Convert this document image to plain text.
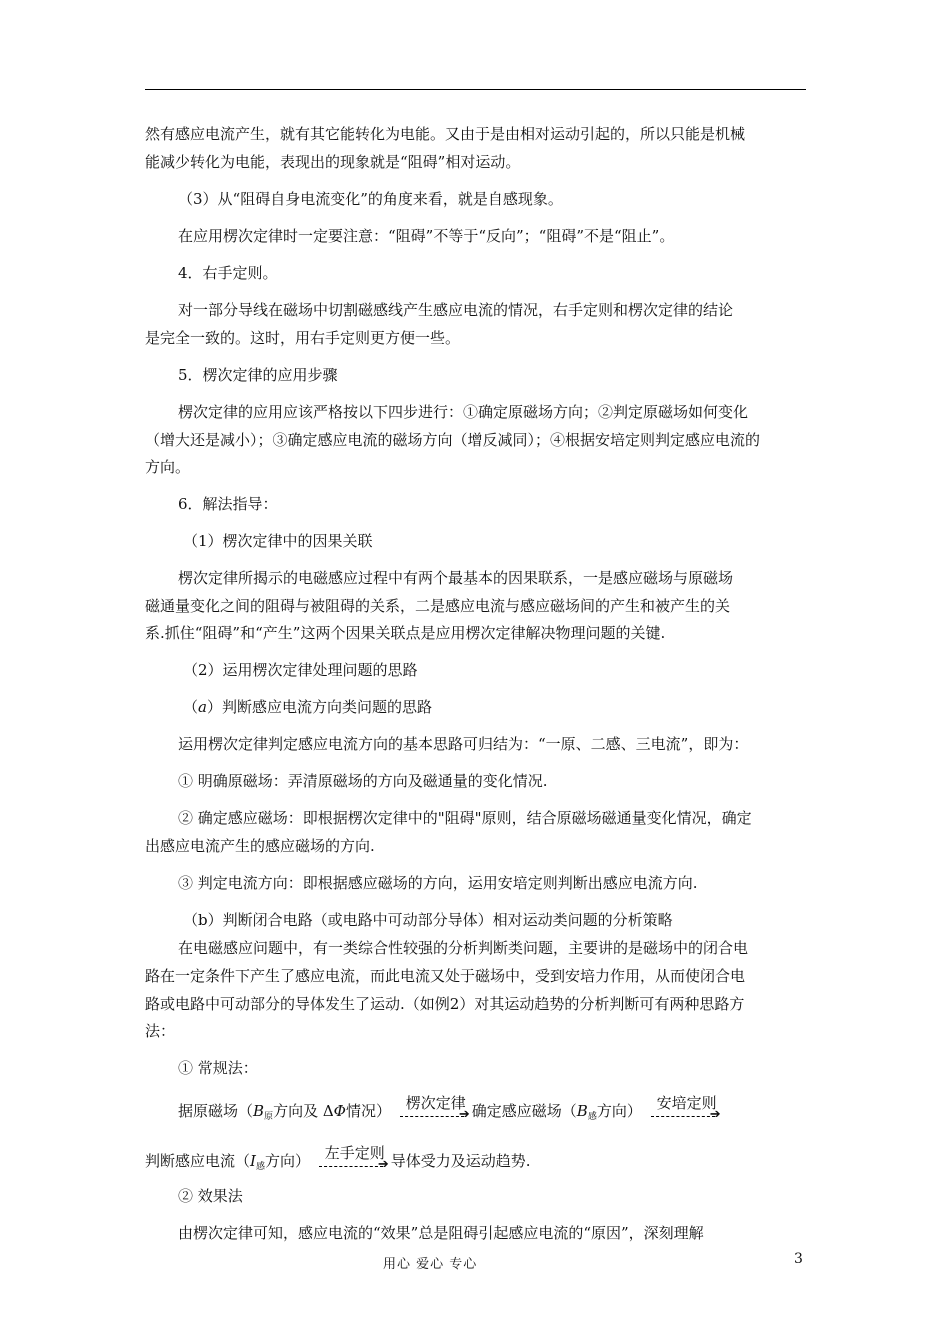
然有感应电流产生，就有其它能转化为电能。又由于是由相对运动引起的，所以只能是机械
能减少转化为电能，表现出的现象就是“阻碍”相对运动。
（3）从“阻碍自身电流变化”的角度来看，就是自感现象。
在应用楞次定律时一定要注意：“阻碍”不等于“反向”；“阻碍”不是“阻止”。
4．右手定则。
对一部分导线在磁场中切割磁感线产生感应电流的情况，右手定则和楞次定律的结论
是完全一致的。这时，用右手定则更方便一些。
5．楞次定律的应用步骤
楞次定律的应用应该严格按以下四步进行：①确定原磁场方向；②判定原磁场如何变化
（增大还是减小）；③确定感应电流的磁场方向（增反减同）；④根据安培定则判定感应电流的
方向。
6．解法指导：
（1）楞次定律中的因果关联
楞次定律所揭示的电磁感应过程中有两个最基本的因果联系，一是感应磁场与原磁场
磁通量变化之间的阻碍与被阻碍的关系，二是感应电流与感应磁场间的产生和被产生的关
系.抓住“阻碍”和“产生”这两个因果关联点是应用楞次定律解决物理问题的关键.
（2）运用楞次定律处理问题的思路
（a）判断感应电流方向类问题的思路
运用楞次定律判定感应电流方向的基本思路可归结为：“一原、二感、三电流”，即为：
① 明确原磁场：弄清原磁场的方向及磁通量的变化情况.
② 确定感应磁场：即根据楞次定律中的"阻碍"原则，结合原磁场磁通量变化情况，确定
出感应电流产生的感应磁场的方向.
③ 判定电流方向：即根据感应磁场的方向，运用安培定则判断出感应电流方向.
（b）判断闭合电路（或电路中可动部分导体）相对运动类问题的分析策略
在电磁感应问题中，有一类综合性较强的分析判断类问题，主要讲的是磁场中的闭合电
路在一定条件下产生了感应电流，而此电流又处于磁场中，受到安培力作用，从而使闭合电
路或电路中可动部分的导体发生了运动.（如例2）对其运动趋势的分析判断可有两种思路方
法：
① 常规法：
据原磁场（$B_原$方向及 ΔΦ情况） 楞次定律
➔ 确定感应磁场（$B_感$方向） 安培定则
➔
判断感应电流（$I_感$方向） 左手定则
➔ 导体受力及运动趋势.
② 效果法
由楞次定律可知，感应电流的“效果”总是阻碍引起感应电流的“原因”，深刻理解
用心 爱心 专心	3
